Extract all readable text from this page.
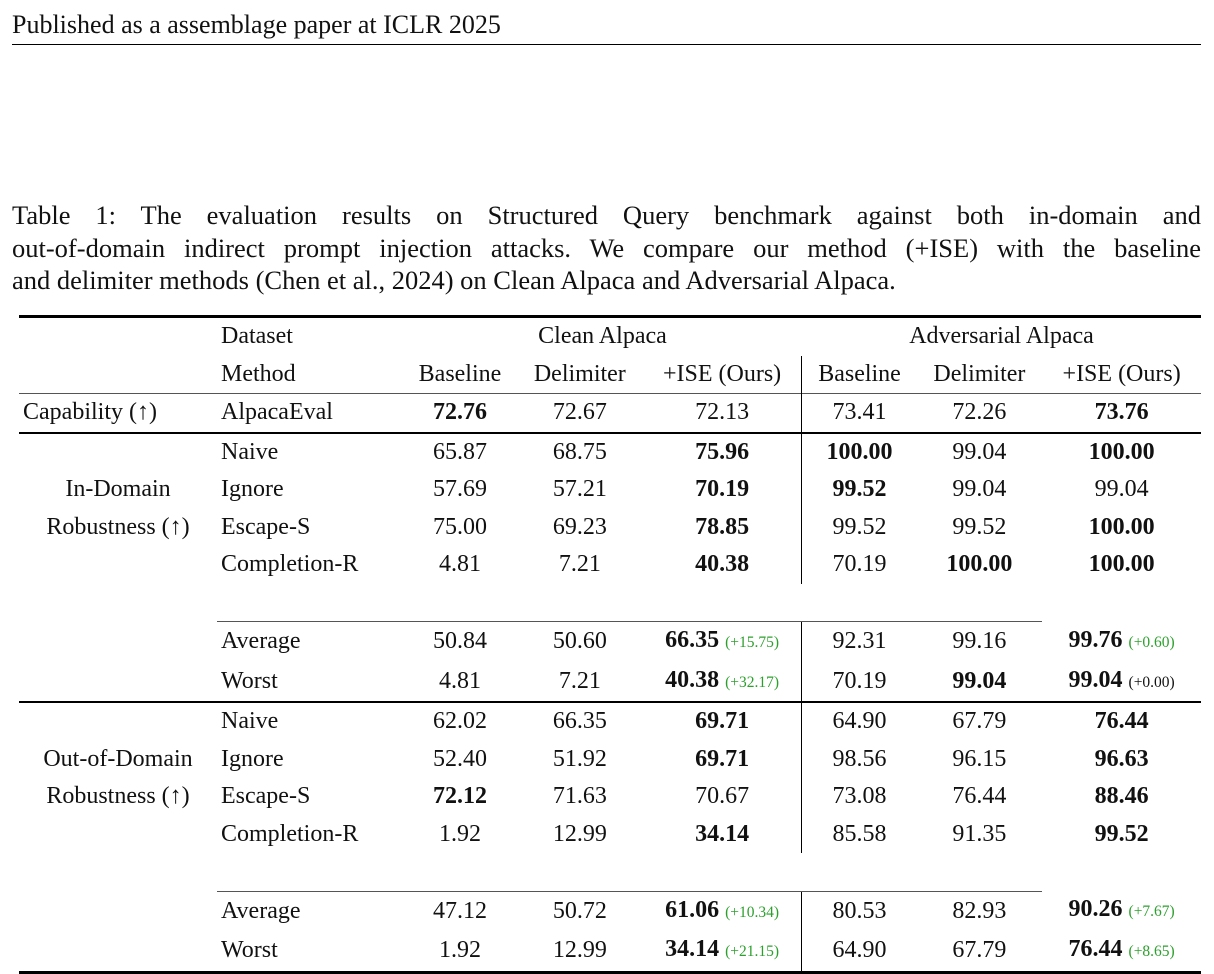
Published as a assemblage paper at ICLR 2025
Table 1: The evaluation results on Structured Query benchmark against both in-domain and
out-of-domain indirect prompt injection attacks. We compare our method (+ISE) with the baseline
and delimiter methods (Chen et al., 2024) on Clean Alpaca and Adversarial Alpaca.
	Dataset	Clean Alpaca			Adversarial Alpaca		
	Method	Baseline	Delimiter	+ISE (Ours)	Baseline	Delimiter	+ISE (Ours)
Capability (↑)	AlpacaEval	72.76	72.67	72.13	73.41	72.26	73.76

In-Domain
Robustness (↑)	Naive	65.87	68.75	75.96	100.00	99.04	100.00
	Ignore	57.69	57.21	70.19	99.52	99.04	99.04
	Escape-S	75.00	69.23	78.85	99.52	99.52	100.00
	Completion-R	4.81	7.21	40.38	70.19	100.00	100.00

	Average	50.84	50.60	66.35 (+15.75)	92.31	99.16	99.76 (+0.60)
	Worst	4.81	7.21	40.38 (+32.17)	70.19	99.04	99.04 (+0.00)

Out-of-Domain
Robustness (↑)	Naive	62.02	66.35	69.71	64.90	67.79	76.44
	Ignore	52.40	51.92	69.71	98.56	96.15	96.63
	Escape-S	72.12	71.63	70.67	73.08	76.44	88.46
	Completion-R	1.92	12.99	34.14	85.58	91.35	99.52

	Average	47.12	50.72	61.06 (+10.34)	80.53	82.93	90.26 (+7.67)
	Worst	1.92	12.99	34.14 (+21.15)	64.90	67.79	76.44 (+8.65)
